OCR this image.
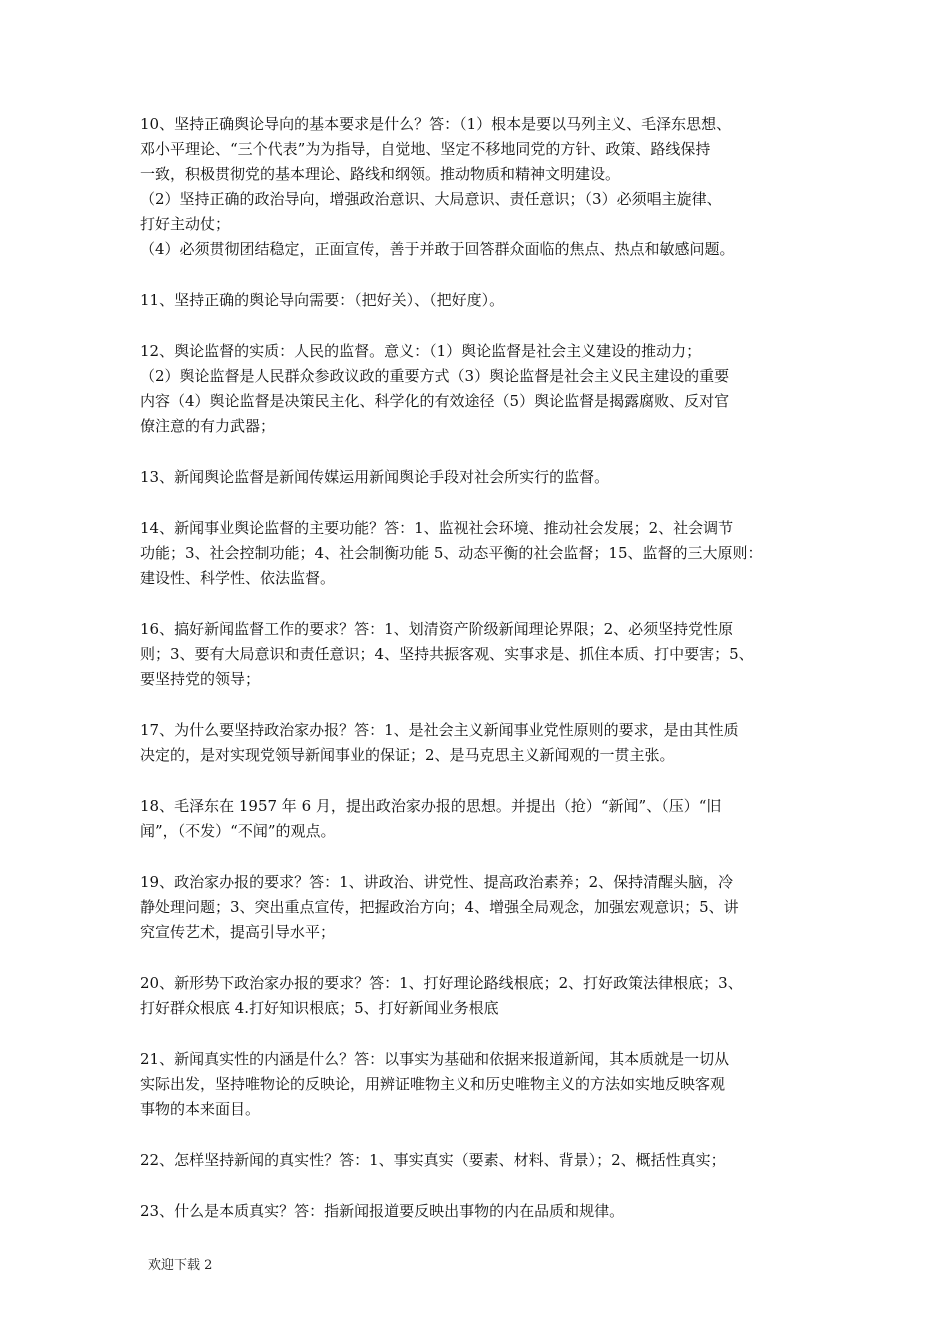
10、坚持正确舆论导向的基本要求是什么？答：（1）根本是要以马列主义、毛泽东思想、
邓小平理论、“三个代表”为为指导，自觉地、坚定不移地同党的方针、政策、路线保持
一致，积极贯彻党的基本理论、路线和纲领。推动物质和精神文明建设。
（2）坚持正确的政治导向，增强政治意识、大局意识、责任意识；（3）必须唱主旋律、
打好主动仗；
（4）必须贯彻团结稳定，正面宣传，善于并敢于回答群众面临的焦点、热点和敏感问题。
11、坚持正确的舆论导向需要：（把好关）、（把好度）。
12、舆论监督的实质：人民的监督。意义：（1）舆论监督是社会主义建设的推动力；
（2）舆论监督是人民群众参政议政的重要方式（3）舆论监督是社会主义民主建设的重要
内容（4）舆论监督是决策民主化、科学化的有效途径（5）舆论监督是揭露腐败、反对官
僚注意的有力武器；
13、新闻舆论监督是新闻传媒运用新闻舆论手段对社会所实行的监督。
14、新闻事业舆论监督的主要功能？答：1、监视社会环境、推动社会发展；2、社会调节
功能；3、社会控制功能；4、社会制衡功能 5、动态平衡的社会监督；15、监督的三大原则：
建设性、科学性、依法监督。
16、搞好新闻监督工作的要求？答：1、划清资产阶级新闻理论界限；2、必须坚持党性原
则；3、要有大局意识和责任意识；4、坚持共振客观、实事求是、抓住本质、打中要害；5、
要坚持党的领导；
17、为什么要坚持政治家办报？答：1、是社会主义新闻事业党性原则的要求，是由其性质
决定的，是对实现党领导新闻事业的保证；2、是马克思主义新闻观的一贯主张。
18、毛泽东在 1957 年 6 月，提出政治家办报的思想。并提出（抢）“新闻”、（压）“旧
闻”，（不发）“不闻”的观点。
19、政治家办报的要求？答：1、讲政治、讲党性、提高政治素养；2、保持清醒头脑，冷
静处理问题；3、突出重点宣传，把握政治方向；4、增强全局观念，加强宏观意识；5、讲
究宣传艺术，提高引导水平；
20、新形势下政治家办报的要求？答：1、打好理论路线根底；2、打好政策法律根底；3、
打好群众根底 4.打好知识根底；5、打好新闻业务根底
21、新闻真实性的内涵是什么？答：以事实为基础和依据来报道新闻，其本质就是一切从
实际出发，坚持唯物论的反映论，用辨证唯物主义和历史唯物主义的方法如实地反映客观
事物的本来面目。
22、怎样坚持新闻的真实性？答：1、事实真实（要素、材料、背景）；2、概括性真实；
23、什么是本质真实？答：指新闻报道要反映出事物的内在品质和规律。
欢迎下载 2
